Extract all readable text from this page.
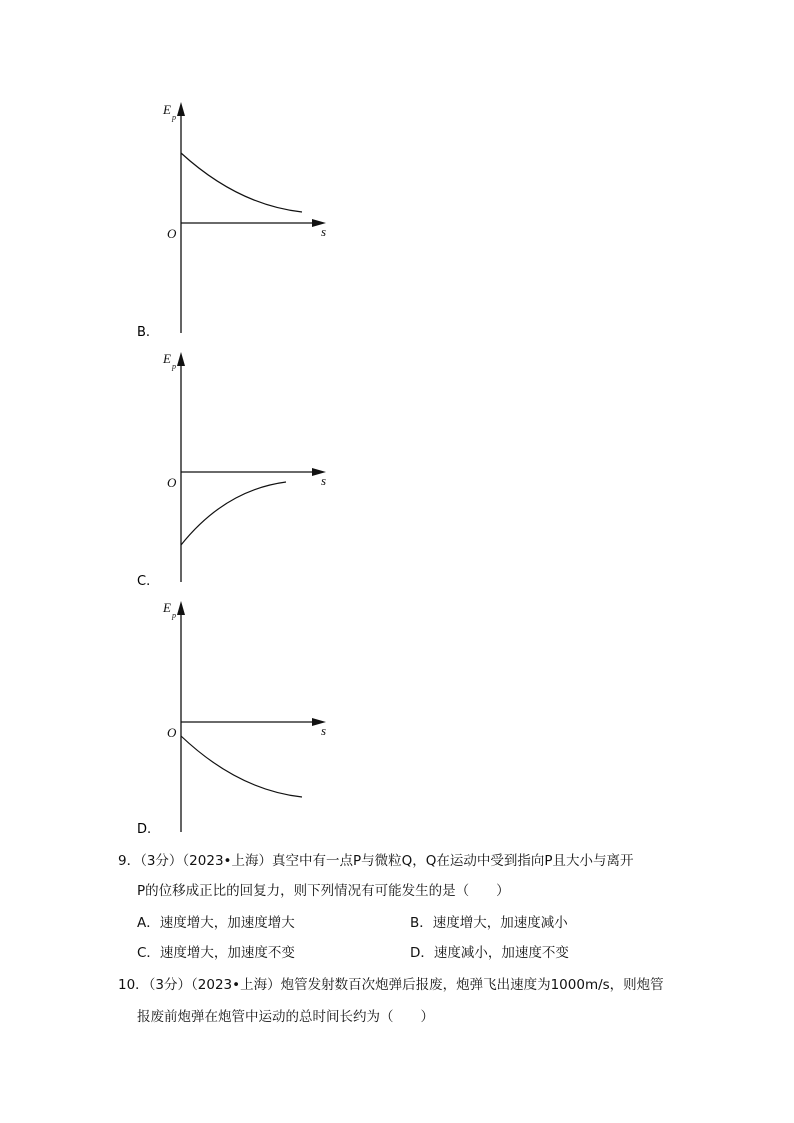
E
p
s
O
B.
E
p
s
O
C.
E
p
s
O
D.
9．（3分）（2023•上海）真空中有一点P与微粒Q，Q在运动中受到指向P且大小与离开
P的位移成正比的回复力，则下列情况有可能发生的是（　　）
A．速度增大，加速度增大	B．速度增大，加速度减小
C．速度增大，加速度不变	D．速度减小，加速度不变
10．（3分）（2023•上海）炮管发射数百次炮弹后报废，炮弹飞出速度为1000m/s，则炮管
报废前炮弹在炮管中运动的总时间长约为（　　）
